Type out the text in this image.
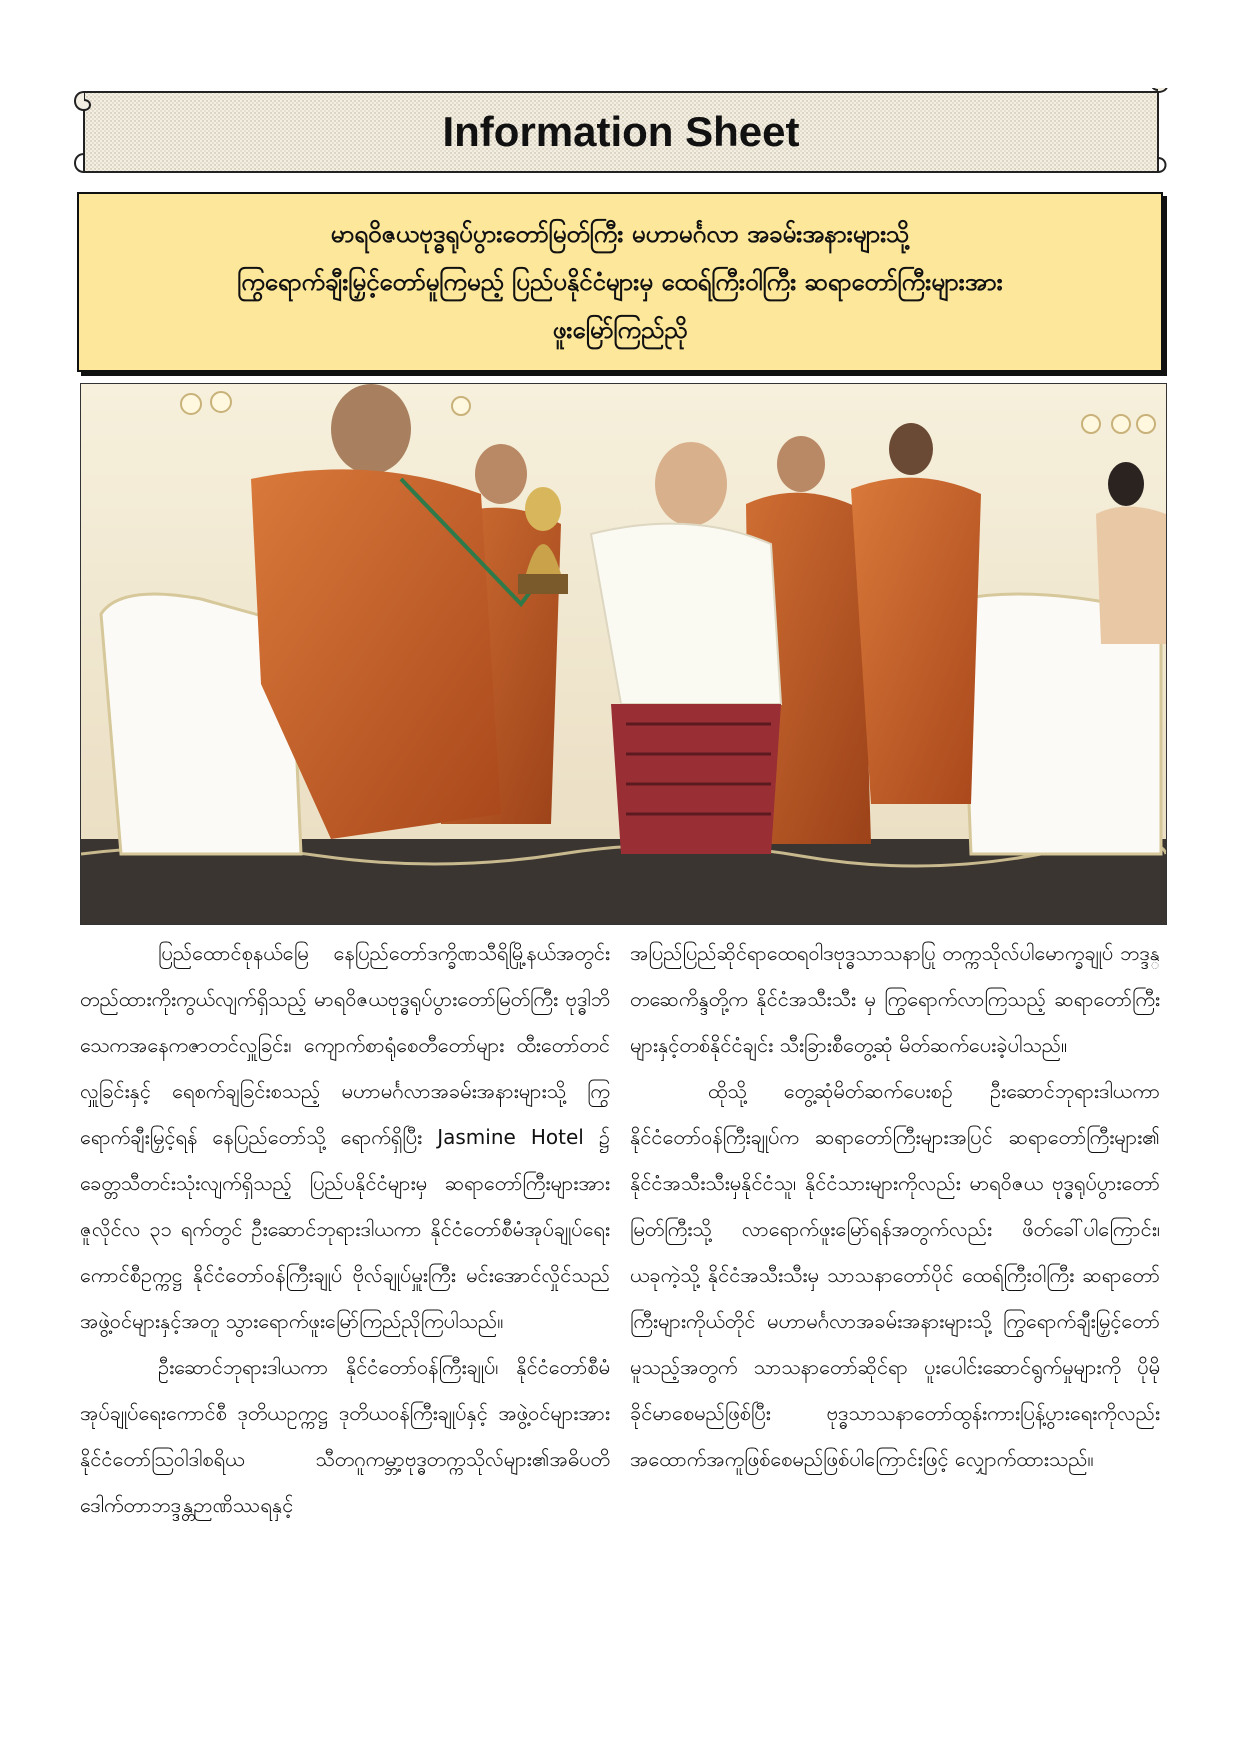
Information Sheet
မာရဝိဇယဗုဒ္ဓရုပ်ပွားတော်မြတ်ကြီး မဟာမင်္ဂလာ အခမ်းအနားများသို့
ကြွရောက်ချီးမြှင့်တော်မူကြမည့် ပြည်ပနိုင်ငံများမှ ထေရ်ကြီးဝါကြီး ဆရာတော်ကြီးများအား
ဖူးမြော်ကြည်ညို

ပြည်ထောင်စုနယ်မြေ နေပြည်တော်ဒက္ခိဏသီရိမြို့နယ်အတွင်း တည်ထားကိုးကွယ်လျက်ရှိသည့် မာရဝိဇယဗုဒ္ဓရုပ်ပွားတော်မြတ်ကြီး ဗုဒ္ဓါဘိသေကအနေကဇာတင်လှူခြင်း၊ ကျောက်စာရုံစေတီတော်များ ထီးတော်တင်လှူခြင်းနှင့် ရေစက်ချခြင်းစသည့် မဟာမင်္ဂလာအခမ်းအနားများသို့ ကြွရောက်ချီးမြှင့်ရန် နေပြည်တော်သို့ ရောက်ရှိပြီး Jasmine Hotel ၌ ခေတ္တသီတင်းသုံးလျက်ရှိသည့် ပြည်ပနိုင်ငံများမှ ဆရာတော်ကြီးများအား ဇူလိုင်လ ၃၁ ရက်တွင် ဦးဆောင်ဘုရားဒါယကာ နိုင်ငံတော်စီမံအုပ်ချုပ်ရေးကောင်စီဥက္ကဋ္ဌ နိုင်ငံတော်ဝန်ကြီးချုပ် ဗိုလ်ချုပ်မှူးကြီး မင်းအောင်လှိုင်သည် အဖွဲ့ဝင်များနှင့်အတူ သွားရောက်ဖူးမြော်ကြည်ညိုကြပါသည်။

ဦးဆောင်ဘုရားဒါယကာ နိုင်ငံတော်ဝန်ကြီးချုပ်၊ နိုင်ငံတော်စီမံအုပ်ချုပ်ရေးကောင်စီ ဒုတိယဥက္ကဋ္ဌ ဒုတိယဝန်ကြီးချုပ်နှင့် အဖွဲ့ဝင်များအား နိုင်ငံတော်သြဝါဒါစရိယ သီတဂူကမ္ဘာ့ဗုဒ္ဓတက္ကသိုလ်များ၏အဓိပတိ ဒေါက်တာဘဒ္ဒန္တဉာဏိဿရနှင့်

အပြည်ပြည်ဆိုင်ရာထေရဝါဒဗုဒ္ဓသာသနာပြု တက္ကသိုလ်ပါမောက္ခချုပ် ဘဒ္ဒန္တဆေကိန္ဒတို့က နိုင်ငံအသီးသီး မှ ကြွရောက်လာကြသည့် ဆရာတော်ကြီးများနှင့်တစ်နိုင်ငံချင်း သီးခြားစီတွေ့ဆုံ မိတ်ဆက်ပေးခဲ့ပါသည်။

ထိုသို့ တွေ့ဆုံမိတ်ဆက်ပေးစဉ် ဦးဆောင်ဘုရားဒါယကာ နိုင်ငံတော်ဝန်ကြီးချုပ်က ဆရာတော်ကြီးများအပြင် ဆရာတော်ကြီးများ၏ နိုင်ငံအသီးသီးမှနိုင်ငံသူ၊ နိုင်ငံသားများကိုလည်း မာရဝိဇယ ဗုဒ္ဓရုပ်ပွားတော်မြတ်ကြီးသို့ လာရောက်ဖူးမြော်ရန်အတွက်လည်း ဖိတ်ခေါ်ပါကြောင်း၊ ယခုကဲ့သို့ နိုင်ငံအသီးသီးမှ သာသနာတော်ပိုင် ထေရ်ကြီးဝါကြီး ဆရာတော်ကြီးများကိုယ်တိုင် မဟာမင်္ဂလာအခမ်းအနားများသို့ ကြွရောက်ချီးမြှင့်တော်မူသည့်အတွက် သာသနာတော်ဆိုင်ရာ ပူးပေါင်းဆောင်ရွက်မှုများကို ပိုမိုခိုင်မာစေမည်ဖြစ်ပြီး ဗုဒ္ဓသာသနာတော်ထွန်းကားပြန့်ပွားရေးကိုလည်း အထောက်အကူဖြစ်စေမည်ဖြစ်ပါကြောင်းဖြင့် လျှောက်ထားသည်။
